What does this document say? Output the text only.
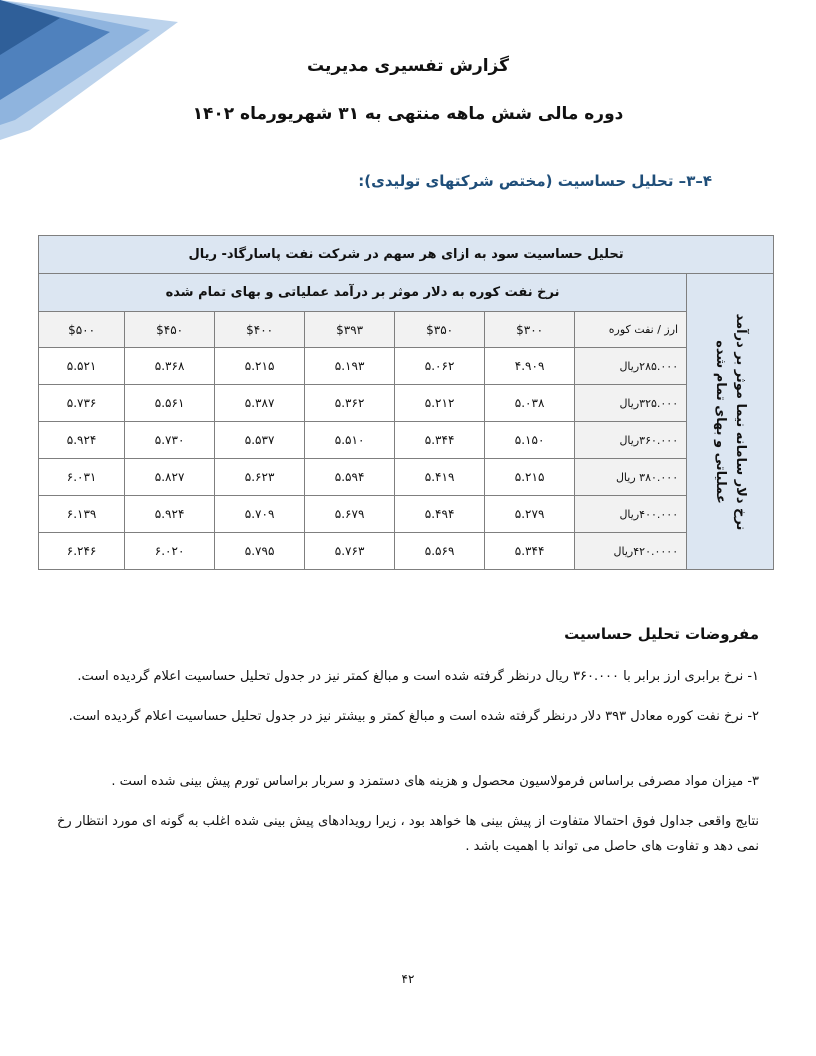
گزارش تفسیری مدیریت
دوره مالی شش ماهه منتهی به ۳۱ شهریورماه ۱۴۰۲
۴–۳– تحلیل حساسیت (مختص شرکتهای تولیدی):
تحلیل حساسیت سود به ازای هر سهم در شرکت نفت پاسارگاد- ریال							

نرخ دلار سامانه نیما موثر بر درآمد عملیاتی و بهای تمام شده	نرخ نفت کوره به دلار موثر بر درآمد عملیاتی و بهای تمام شده						
	ارز / نفت کوره	$۳۰۰	$۳۵۰	$۳۹۳	$۴۰۰	$۴۵۰	$۵۰۰
	۲۸۵.۰۰۰ریال	۴.۹۰۹	۵.۰۶۲	۵.۱۹۳	۵.۲۱۵	۵.۳۶۸	۵.۵۲۱
	۳۲۵.۰۰۰ریال	۵.۰۳۸	۵.۲۱۲	۵.۳۶۲	۵.۳۸۷	۵.۵۶۱	۵.۷۳۶
	۳۶۰.۰۰۰ریال	۵.۱۵۰	۵.۳۴۴	۵.۵۱۰	۵.۵۳۷	۵.۷۳۰	۵.۹۲۴
	۳۸۰.۰۰۰ ریال	۵.۲۱۵	۵.۴۱۹	۵.۵۹۴	۵.۶۲۳	۵.۸۲۷	۶.۰۳۱
	۴۰۰.۰۰۰ریال	۵.۲۷۹	۵.۴۹۴	۵.۶۷۹	۵.۷۰۹	۵.۹۲۴	۶.۱۳۹
	۴۲۰.۰۰۰۰ریال	۵.۳۴۴	۵.۵۶۹	۵.۷۶۳	۵.۷۹۵	۶.۰۲۰	۶.۲۴۶
مفروضات تحلیل حساسیت
۱- نرخ برابری ارز برابر با ۳۶۰.۰۰۰ ریال درنظر گرفته شده است و مبالغ کمتر نیز در جدول تحلیل حساسیت اعلام گردیده است.
۲- نرخ نفت کوره معادل ۳۹۳ دلار درنظر گرفته شده است و مبالغ کمتر و بیشتر نیز در جدول تحلیل حساسیت اعلام گردیده است.
۳- میزان مواد مصرفی براساس فرمولاسیون محصول و هزینه های دستمزد و سربار براساس تورم پیش بینی شده است .
نتایج واقعی جداول فوق احتمالا متفاوت از پیش بینی ها خواهد بود ، زیرا رویدادهای پیش بینی شده اغلب به گونه ای مورد انتظار رخ نمی دهد و تفاوت های حاصل می تواند با اهمیت باشد .
۴۲
